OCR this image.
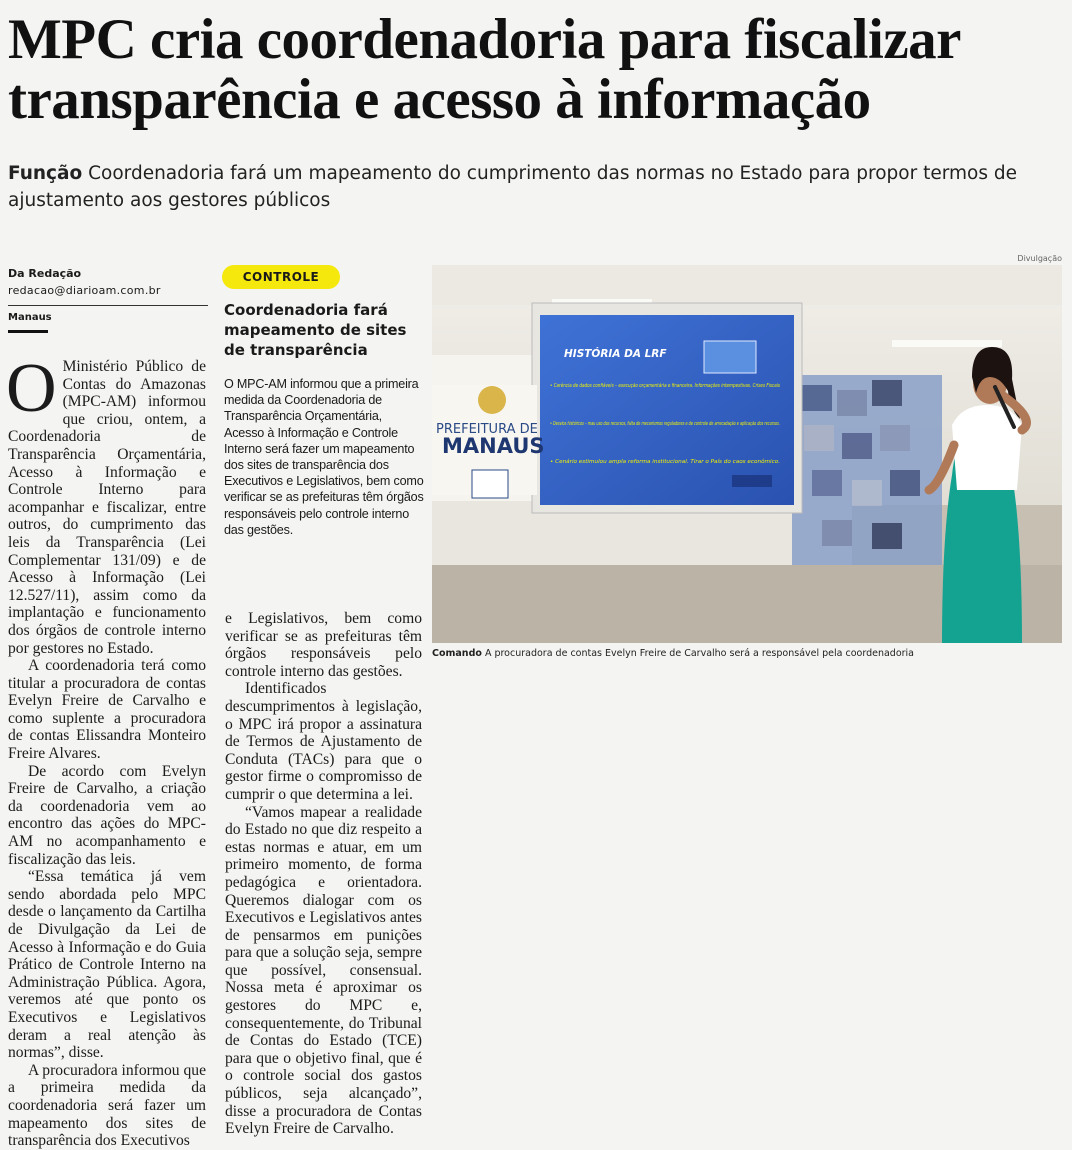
MPC cria coordenadoria para fiscalizar
transparência e acesso à informação
Função Coordenadoria fará um mapeamento do cumprimento das normas no Estado para propor termos de ajustamento aos gestores públicos
Da Redação
redacao@diarioam.com.br
Manaus

O Ministério Público de Contas do Amazonas (MPC-AM) informou que criou, ontem, a Coordenadoria de Transparência Orçamentária, Acesso à Informação e Controle Interno para acompanhar e fiscalizar, entre outros, do cumprimento das leis da Transparência (Lei Complementar 131/09) e de Acesso à Informação (Lei 12.527/11), assim como da implantação e funcionamento dos órgãos de controle interno por gestores no Estado.

A coordenadoria terá como titular a procuradora de contas Evelyn Freire de Carvalho e como suplente a procuradora de contas Elissandra Monteiro Freire Alvares.

De acordo com Evelyn Freire de Carvalho, a criação da coordenadoria vem ao encontro das ações do MPC-AM no acompanhamento e fiscalização das leis.

“Essa temática já vem sendo abordada pelo MPC desde o lançamento da Cartilha de Divulgação da Lei de Acesso à Informação e do Guia Prático de Controle Interno na Administração Pública. Agora, veremos até que ponto os Executivos e Legislativos deram a real atenção às normas”, disse.

A procuradora informou que a primeira medida da coordenadoria será fazer um mapeamento dos sites de transparência dos Executivos

CONTROLE
Coordenadoria fará mapeamento de sites de transparência
O MPC-AM informou que a primeira medida da Coordenadoria de Transparência Orçamentária, Acesso à Informação e Controle Interno será fazer um mapeamento dos sites de transparência dos Executivos e Legislativos, bem como verificar se as prefeituras têm órgãos responsáveis pelo controle interno das gestões.

e Legislativos, bem como verificar se as prefeituras têm órgãos responsáveis pelo controle interno das gestões.

Identificados descumprimentos à legislação, o MPC irá propor a assinatura de Termos de Ajustamento de Conduta (TACs) para que o gestor firme o compromisso de cumprir o que determina a lei.

“Vamos mapear a realidade do Estado no que diz respeito a estas normas e atuar, em um primeiro momento, de forma pedagógica e orientadora. Queremos dialogar com os Executivos e Legislativos antes de pensarmos em punições para que a solução seja, sempre que possível, consensual. Nossa meta é aproximar os gestores do MPC e, consequentemente, do Tribunal de Contas do Estado (TCE) para que o objetivo final, que é o controle social dos gastos públicos, seja alcançado”, disse a procuradora de Contas Evelyn Freire de Carvalho.

Divulgação
HISTÓRIA DA LRF
• Carência de dados confiáveis – execução orçamentária e financeira. Informações intempestivas. Crises Fiscais
• Desvios históricos – mau uso dos recursos, falta de mecanismos reguladores e de controle de arrecadação e aplicação dos recursos.
• Cenário estimulou ampla reforma institucional. Tirar o País do caos econômico.
PREFEITURA DE
MANAUS
Comando A procuradora de contas Evelyn Freire de Carvalho será a responsável pela coordenadoria
